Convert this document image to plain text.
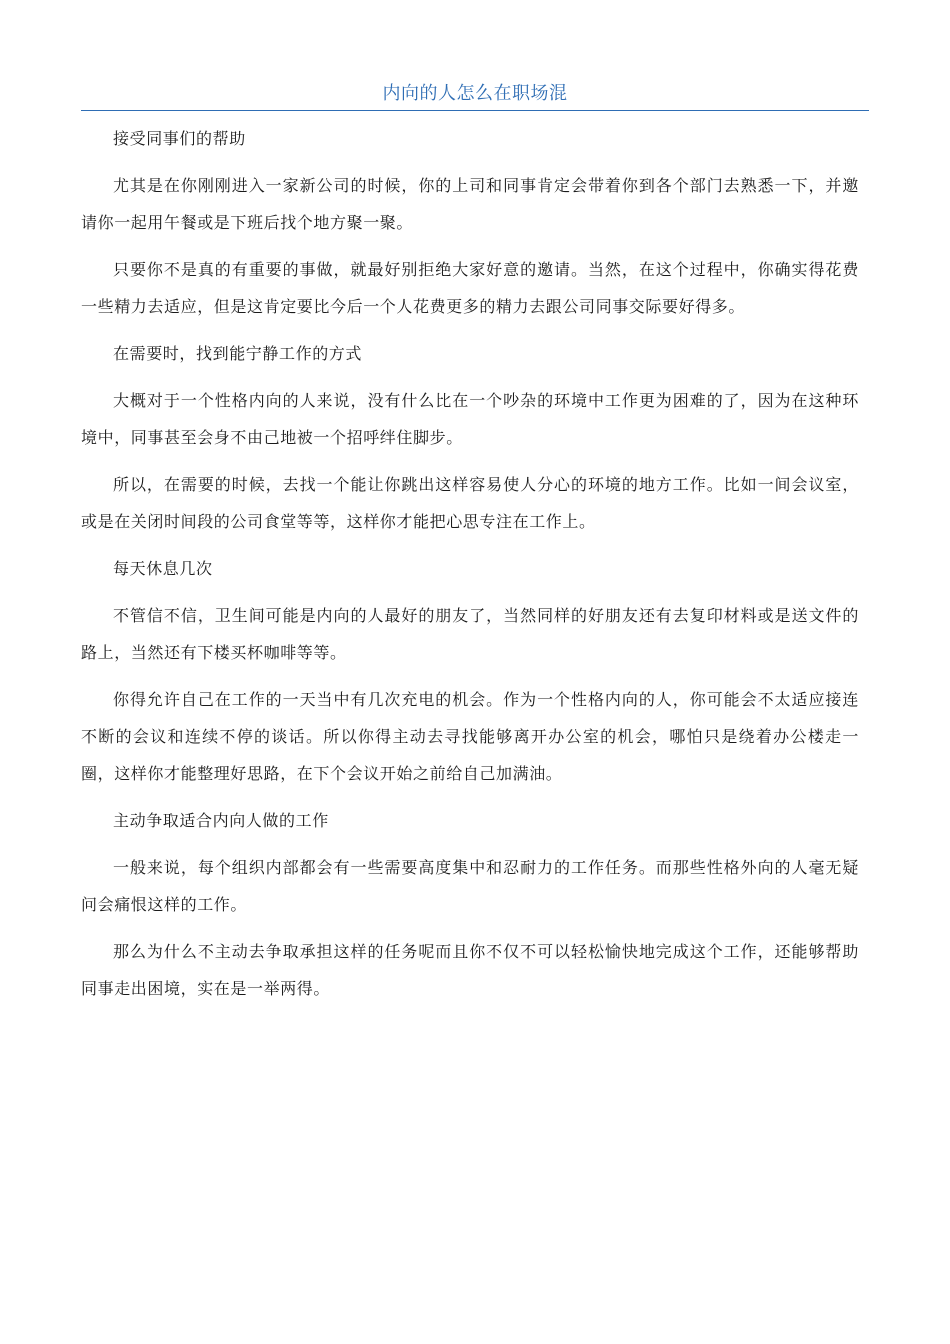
内向的人怎么在职场混

接受同事们的帮助

尤其是在你刚刚进入一家新公司的时候，你的上司和同事肯定会带着你到各个部门去熟悉一下，并邀请你一起用午餐或是下班后找个地方聚一聚。

只要你不是真的有重要的事做，就最好别拒绝大家好意的邀请。当然，在这个过程中，你确实得花费一些精力去适应，但是这肯定要比今后一个人花费更多的精力去跟公司同事交际要好得多。

在需要时，找到能宁静工作的方式

大概对于一个性格内向的人来说，没有什么比在一个吵杂的环境中工作更为困难的了，因为在这种环境中，同事甚至会身不由己地被一个招呼绊住脚步。

所以，在需要的时候，去找一个能让你跳出这样容易使人分心的环境的地方工作。比如一间会议室，或是在关闭时间段的公司食堂等等，这样你才能把心思专注在工作上。

每天休息几次

不管信不信，卫生间可能是内向的人最好的朋友了，当然同样的好朋友还有去复印材料或是送文件的路上，当然还有下楼买杯咖啡等等。

你得允许自己在工作的一天当中有几次充电的机会。作为一个性格内向的人，你可能会不太适应接连不断的会议和连续不停的谈话。所以你得主动去寻找能够离开办公室的机会，哪怕只是绕着办公楼走一圈，这样你才能整理好思路，在下个会议开始之前给自己加满油。

主动争取适合内向人做的工作

一般来说，每个组织内部都会有一些需要高度集中和忍耐力的工作任务。而那些性格外向的人毫无疑问会痛恨这样的工作。

那么为什么不主动去争取承担这样的任务呢而且你不仅不可以轻松愉快地完成这个工作，还能够帮助同事走出困境，实在是一举两得。
